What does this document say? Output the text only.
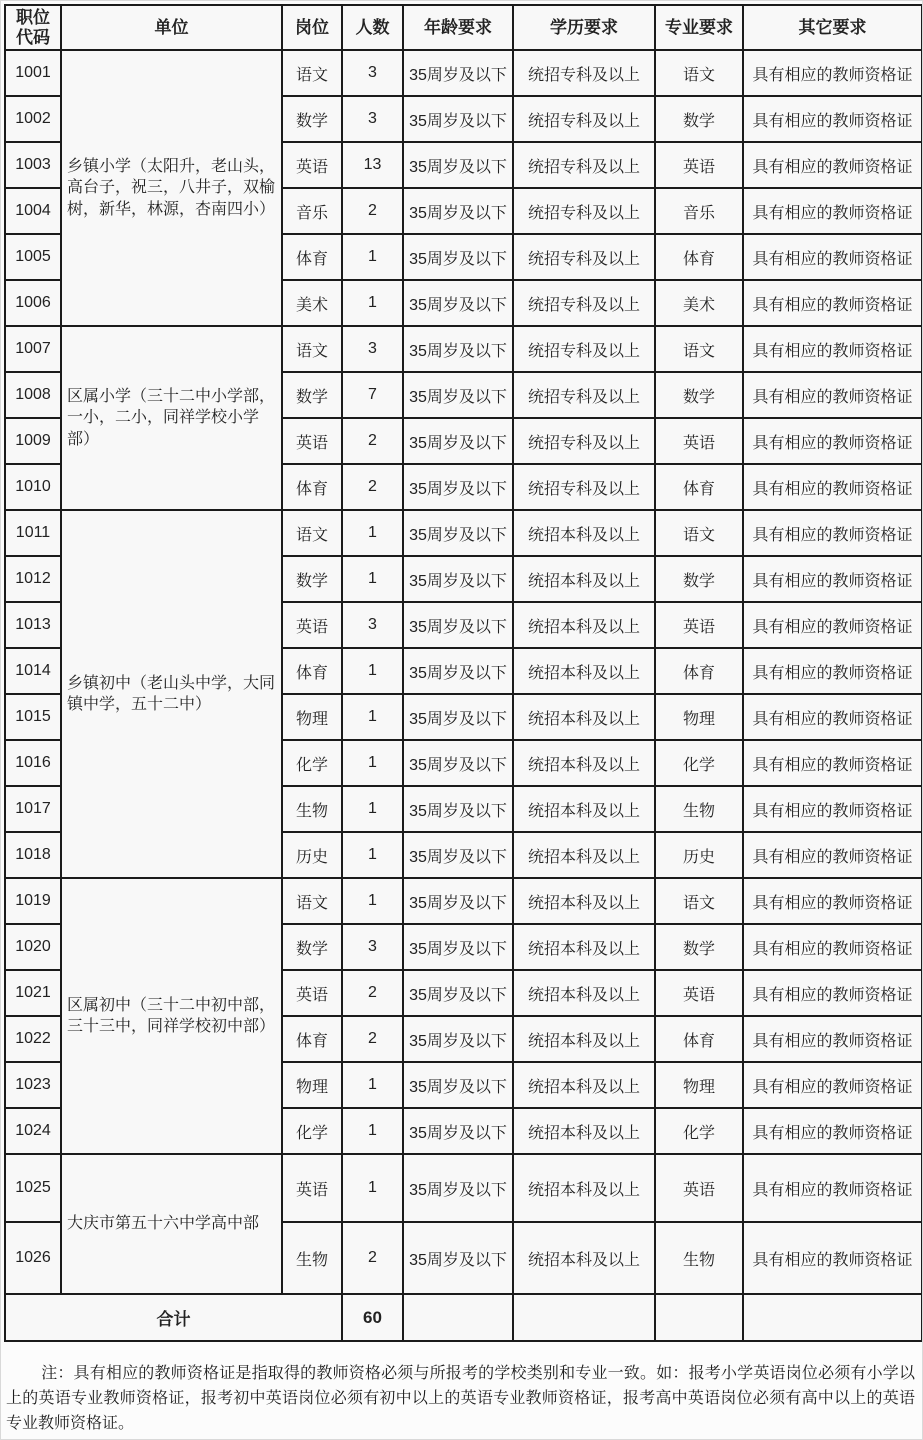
职位代码	单位	岗位	人数	年龄要求	学历要求	专业要求	其它要求
1001	乡镇小学（太阳升，老山头，高台子，祝三，八井子，双榆树，新华，林源，杏南四小）	语文	3	35周岁及以下	统招专科及以上	语文	具有相应的教师资格证
1002		数学	3	35周岁及以下	统招专科及以上	数学	具有相应的教师资格证
1003		英语	13	35周岁及以下	统招专科及以上	英语	具有相应的教师资格证
1004		音乐	2	35周岁及以下	统招专科及以上	音乐	具有相应的教师资格证
1005		体育	1	35周岁及以下	统招专科及以上	体育	具有相应的教师资格证
1006		美术	1	35周岁及以下	统招专科及以上	美术	具有相应的教师资格证
1007	区属小学（三十二中小学部，一小，二小，同祥学校小学部）	语文	3	35周岁及以下	统招专科及以上	语文	具有相应的教师资格证
1008		数学	7	35周岁及以下	统招专科及以上	数学	具有相应的教师资格证
1009		英语	2	35周岁及以下	统招专科及以上	英语	具有相应的教师资格证
1010		体育	2	35周岁及以下	统招专科及以上	体育	具有相应的教师资格证
1011	乡镇初中（老山头中学，大同镇中学，五十二中）	语文	1	35周岁及以下	统招本科及以上	语文	具有相应的教师资格证
1012		数学	1	35周岁及以下	统招本科及以上	数学	具有相应的教师资格证
1013		英语	3	35周岁及以下	统招本科及以上	英语	具有相应的教师资格证
1014		体育	1	35周岁及以下	统招本科及以上	体育	具有相应的教师资格证
1015		物理	1	35周岁及以下	统招本科及以上	物理	具有相应的教师资格证
1016		化学	1	35周岁及以下	统招本科及以上	化学	具有相应的教师资格证
1017		生物	1	35周岁及以下	统招本科及以上	生物	具有相应的教师资格证
1018		历史	1	35周岁及以下	统招本科及以上	历史	具有相应的教师资格证
1019	区属初中（三十二中初中部，三十三中，同祥学校初中部）	语文	1	35周岁及以下	统招本科及以上	语文	具有相应的教师资格证
1020		数学	3	35周岁及以下	统招本科及以上	数学	具有相应的教师资格证
1021		英语	2	35周岁及以下	统招本科及以上	英语	具有相应的教师资格证
1022		体育	2	35周岁及以下	统招本科及以上	体育	具有相应的教师资格证
1023		物理	1	35周岁及以下	统招本科及以上	物理	具有相应的教师资格证
1024		化学	1	35周岁及以下	统招本科及以上	化学	具有相应的教师资格证
1025	大庆市第五十六中学高中部	英语	1	35周岁及以下	统招本科及以上	英语	具有相应的教师资格证
1026		生物	2	35周岁及以下	统招本科及以上	生物	具有相应的教师资格证
合计			60				

注：具有相应的教师资格证是指取得的教师资格必须与所报考的学校类别和专业一致。如：报考小学英语岗位必须有小学以上的英语专业教师资格证，报考初中英语岗位必须有初中以上的英语专业教师资格证，报考高中英语岗位必须有高中以上的英语专业教师资格证。
